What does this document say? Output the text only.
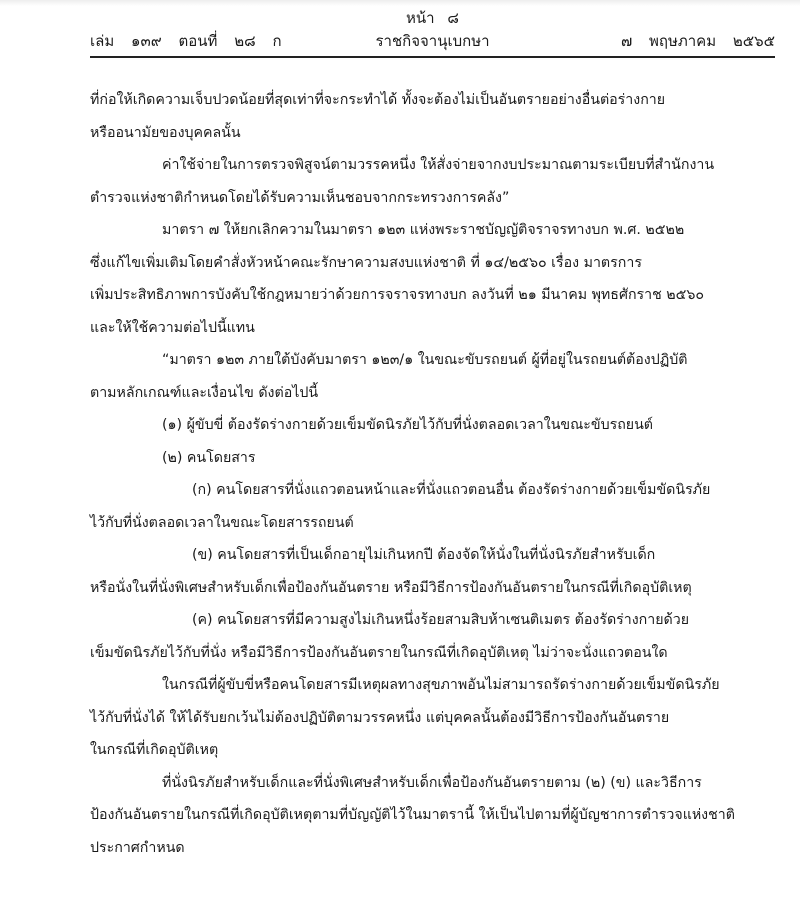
หน้า ๘
เล่ม ๑๓๙ ตอนที่ ๒๘ ก	ราชกิจจานุเบกษา	๗ พฤษภาคม ๒๕๖๕
ที่ก่อให้เกิดความเจ็บปวดน้อยที่สุดเท่าที่จะกระทำได้ ทั้งจะต้องไม่เป็นอันตรายอย่างอื่นต่อร่างกาย
หรืออนามัยของบุคคลนั้น
ค่าใช้จ่ายในการตรวจพิสูจน์ตามวรรคหนึ่ง ให้สั่งจ่ายจากงบประมาณตามระเบียบที่สำนักงาน
ตำรวจแห่งชาติกำหนดโดยได้รับความเห็นชอบจากกระทรวงการคลัง”
มาตรา ๗ ให้ยกเลิกความในมาตรา ๑๒๓ แห่งพระราชบัญญัติจราจรทางบก พ.ศ. ๒๕๒๒
ซึ่งแก้ไขเพิ่มเติมโดยคำสั่งหัวหน้าคณะรักษาความสงบแห่งชาติ ที่ ๑๔/๒๕๖๐ เรื่อง มาตรการ
เพิ่มประสิทธิภาพการบังคับใช้กฎหมายว่าด้วยการจราจรทางบก ลงวันที่ ๒๑ มีนาคม พุทธศักราช ๒๕๖๐
และให้ใช้ความต่อไปนี้แทน
“มาตรา ๑๒๓ ภายใต้บังคับมาตรา ๑๒๓/๑ ในขณะขับรถยนต์ ผู้ที่อยู่ในรถยนต์ต้องปฏิบัติ
ตามหลักเกณฑ์และเงื่อนไข ดังต่อไปนี้
(๑) ผู้ขับขี่ ต้องรัดร่างกายด้วยเข็มขัดนิรภัยไว้กับที่นั่งตลอดเวลาในขณะขับรถยนต์
(๒) คนโดยสาร
(ก) คนโดยสารที่นั่งแถวตอนหน้าและที่นั่งแถวตอนอื่น ต้องรัดร่างกายด้วยเข็มขัดนิรภัย
ไว้กับที่นั่งตลอดเวลาในขณะโดยสารรถยนต์
(ข) คนโดยสารที่เป็นเด็กอายุไม่เกินหกปี ต้องจัดให้นั่งในที่นั่งนิรภัยสำหรับเด็ก
หรือนั่งในที่นั่งพิเศษสำหรับเด็กเพื่อป้องกันอันตราย หรือมีวิธีการป้องกันอันตรายในกรณีที่เกิดอุบัติเหตุ
(ค) คนโดยสารที่มีความสูงไม่เกินหนึ่งร้อยสามสิบห้าเซนติเมตร ต้องรัดร่างกายด้วย
เข็มขัดนิรภัยไว้กับที่นั่ง หรือมีวิธีการป้องกันอันตรายในกรณีที่เกิดอุบัติเหตุ ไม่ว่าจะนั่งแถวตอนใด
ในกรณีที่ผู้ขับขี่หรือคนโดยสารมีเหตุผลทางสุขภาพอันไม่สามารถรัดร่างกายด้วยเข็มขัดนิรภัย
ไว้กับที่นั่งได้ ให้ได้รับยกเว้นไม่ต้องปฏิบัติตามวรรคหนึ่ง แต่บุคคลนั้นต้องมีวิธีการป้องกันอันตราย
ในกรณีที่เกิดอุบัติเหตุ
ที่นั่งนิรภัยสำหรับเด็กและที่นั่งพิเศษสำหรับเด็กเพื่อป้องกันอันตรายตาม (๒) (ข) และวิธีการ
ป้องกันอันตรายในกรณีที่เกิดอุบัติเหตุตามที่บัญญัติไว้ในมาตรานี้ ให้เป็นไปตามที่ผู้บัญชาการตำรวจแห่งชาติ
ประกาศกำหนด
